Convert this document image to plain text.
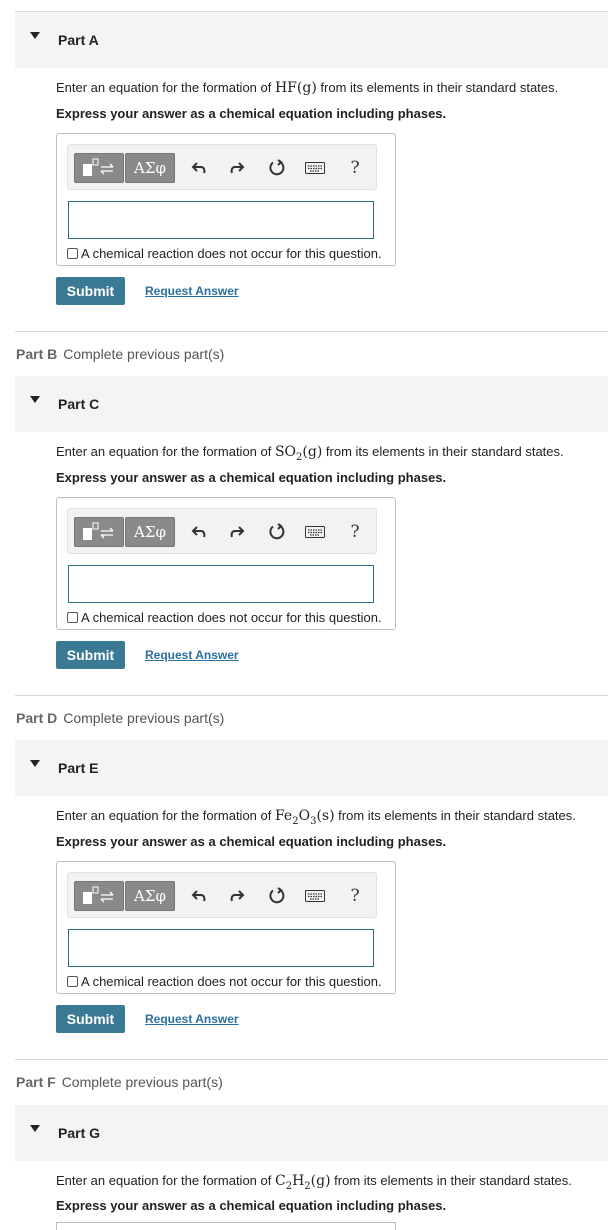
Part A
Enter an equation for the formation of HF(g) from its elements in their standard states.
Express your answer as a chemical equation including phases.
ΑΣφ	?
A chemical reaction does not occur for this question.
Submit	Request Answer
Part B Complete previous part(s)
Part C
Enter an equation for the formation of $SO_2(g)$ from its elements in their standard states.
Express your answer as a chemical equation including phases.
ΑΣφ	?
A chemical reaction does not occur for this question.
Submit	Request Answer
Part D Complete previous part(s)
Part E
Enter an equation for the formation of $Fe_2O_3(s)$ from its elements in their standard states.
Express your answer as a chemical equation including phases.
ΑΣφ	?
A chemical reaction does not occur for this question.
Submit	Request Answer
Part F Complete previous part(s)
Part G
Enter an equation for the formation of $C_2H_2(g)$ from its elements in their standard states.
Express your answer as a chemical equation including phases.
